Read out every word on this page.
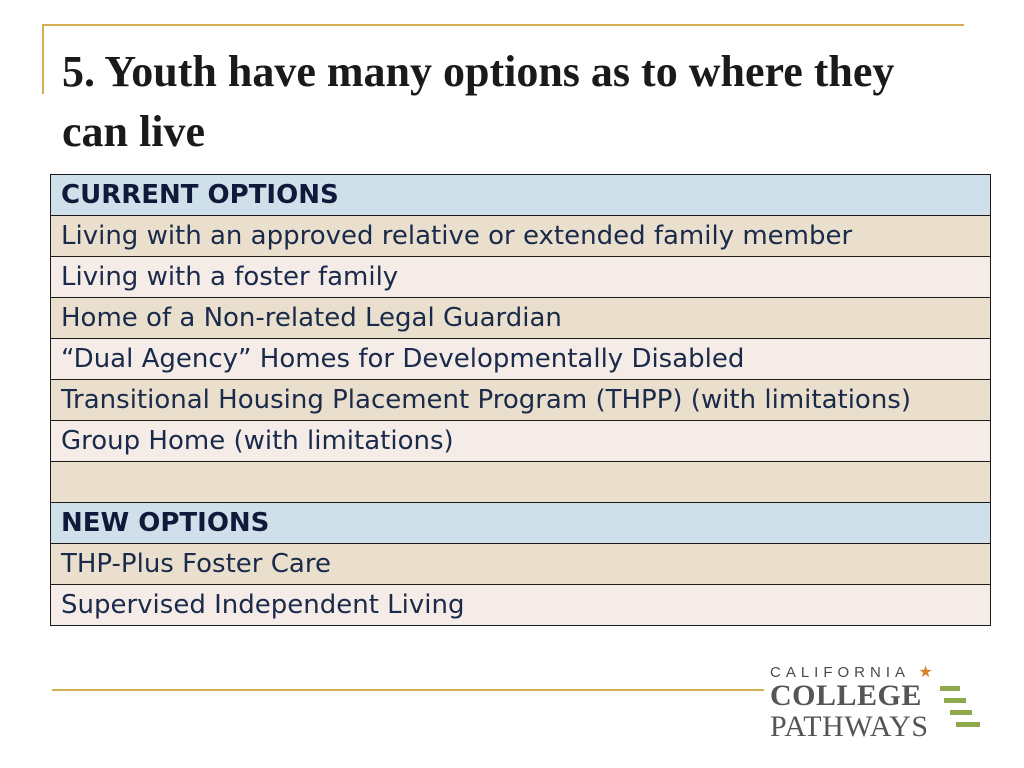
5. Youth have many options as to where they can live
CURRENT OPTIONS
Living with an approved relative or extended family member
Living with a foster family
Home of a Non-related Legal Guardian
“Dual Agency” Homes for Developmentally Disabled
Transitional Housing Placement Program (THPP) (with limitations)
Group Home (with limitations)

NEW OPTIONS
THP-Plus Foster Care
Supervised Independent Living
CALIFORNIA ★
COLLEGE
PATHWAYS
